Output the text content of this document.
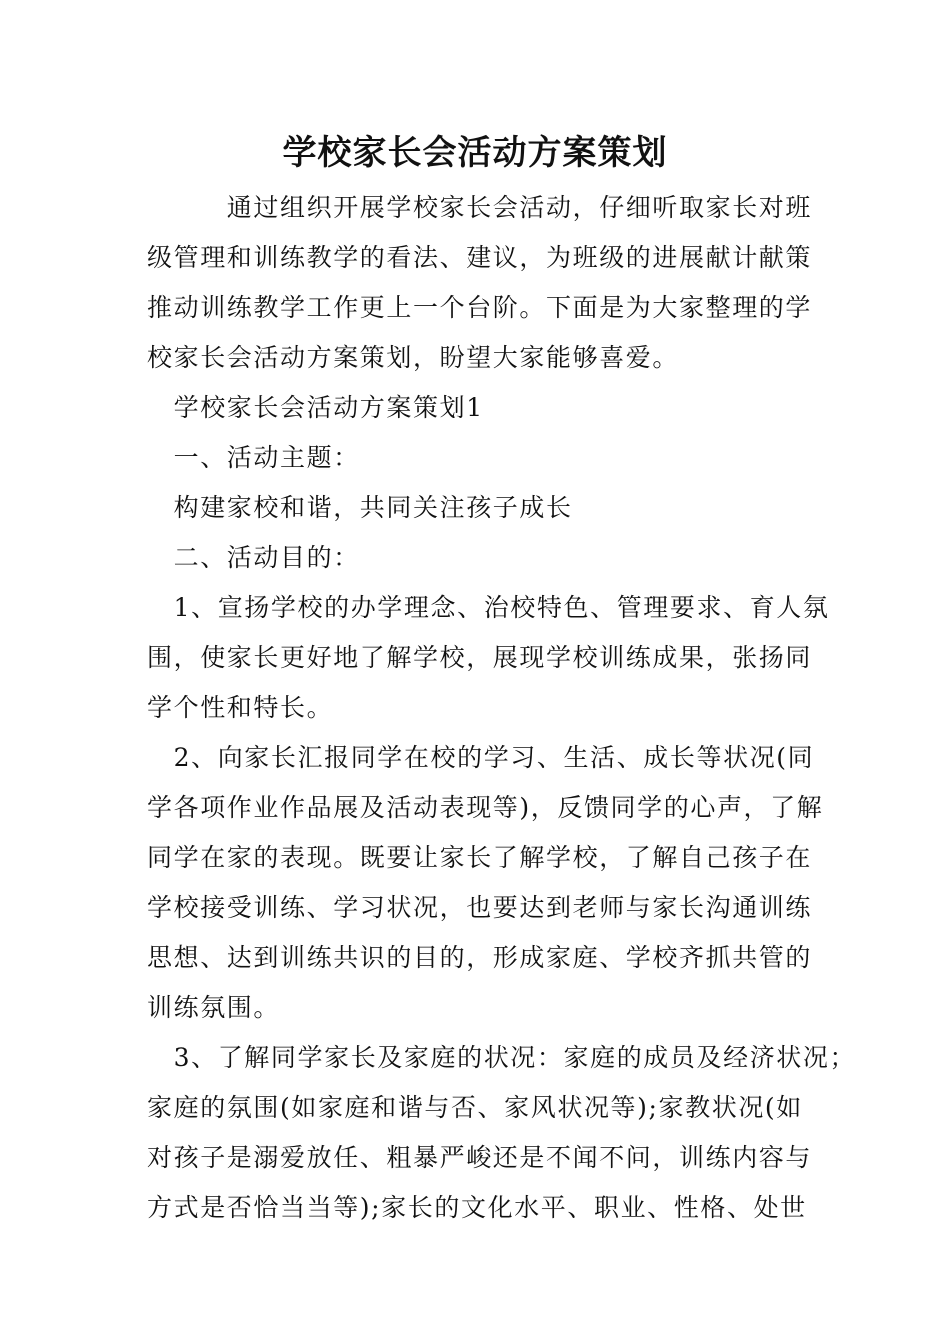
学校家长会活动方案策划
　　　通过组织开展学校家长会活动，仔细听取家长对班
级管理和训练教学的看法、建议，为班级的进展献计献策
推动训练教学工作更上一个台阶。下面是为大家整理的学
校家长会活动方案策划，盼望大家能够喜爱。
　学校家长会活动方案策划1
　一、活动主题：
　构建家校和谐，共同关注孩子成长
　二、活动目的：
　1、宣扬学校的办学理念、治校特色、管理要求、育人氛
围，使家长更好地了解学校，展现学校训练成果，张扬同
学个性和特长。
　2、向家长汇报同学在校的学习、生活、成长等状况(同
学各项作业作品展及活动表现等)，反馈同学的心声，了解
同学在家的表现。既要让家长了解学校，了解自己孩子在
学校接受训练、学习状况，也要达到老师与家长沟通训练
思想、达到训练共识的目的，形成家庭、学校齐抓共管的
训练氛围。
　3、了解同学家长及家庭的状况：家庭的成员及经济状况；
家庭的氛围(如家庭和谐与否、家风状况等);家教状况(如
对孩子是溺爱放任、粗暴严峻还是不闻不问，训练内容与
方式是否恰当当等);家长的文化水平、职业、性格、处世
